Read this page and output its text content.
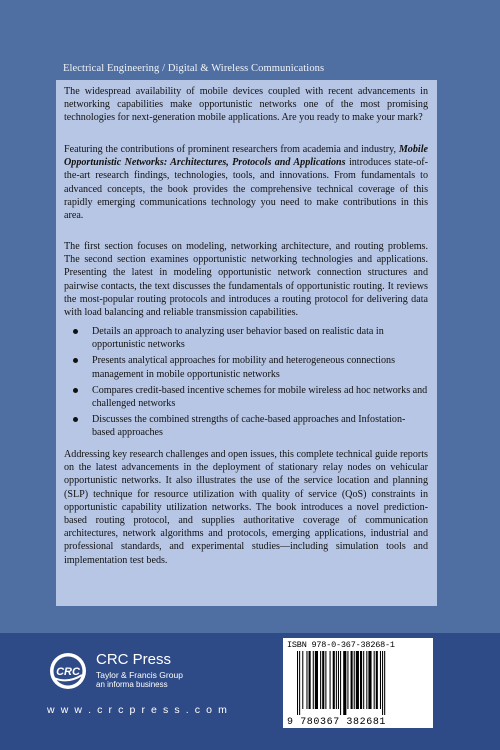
Electrical Engineering / Digital & Wireless Communications

The widespread availability of mobile devices coupled with recent advancements in networking capabilities make opportunistic networks one of the most promising technologies for next-generation mobile applications. Are you ready to make your mark?

Featuring the contributions of prominent researchers from academia and industry, Mobile Opportunistic Networks: Architectures, Protocols and Applications introduces state-of-the-art research findings, technologies, tools, and innovations. From fundamentals to advanced concepts, the book provides the comprehensive technical coverage of this rapidly emerging communications technology you need to make contributions in this area.

The first section focuses on modeling, networking architecture, and routing problems. The second section examines opportunistic networking technologies and applications. Presenting the latest in modeling opportunistic network connection structures and pairwise contacts, the text discusses the fundamentals of opportunistic routing. It reviews the most-popular routing protocols and introduces a routing protocol for delivering data with load balancing and reliable transmission capabilities.

Details an approach to analyzing user behavior based on realistic data in opportunistic networks
Presents analytical approaches for mobility and heterogeneous connections management in mobile opportunistic networks
Compares credit-based incentive schemes for mobile wireless ad hoc networks and challenged networks
Discusses the combined strengths of cache-based approaches and Infostation-based approaches

Addressing key research challenges and open issues, this complete technical guide reports on the latest advancements in the deployment of stationary relay nodes on vehicular opportunistic networks. It also illustrates the use of the service location and planning (SLP) technique for resource utilization with quality of service (QoS) constraints in opportunistic capability utilization networks. The book introduces a novel prediction-based routing protocol, and supplies authoritative coverage of communication architectures, network algorithms and protocols, emerging applications, industrial and professional standards, and experimental studies—including simulation tools and implementation test beds.

CRC
CRC Press
Taylor & Francis Group
an informa business
w w w . c r c p r e s s . c o m
ISBN 978-0-367-38268-1
9 780367 382681
